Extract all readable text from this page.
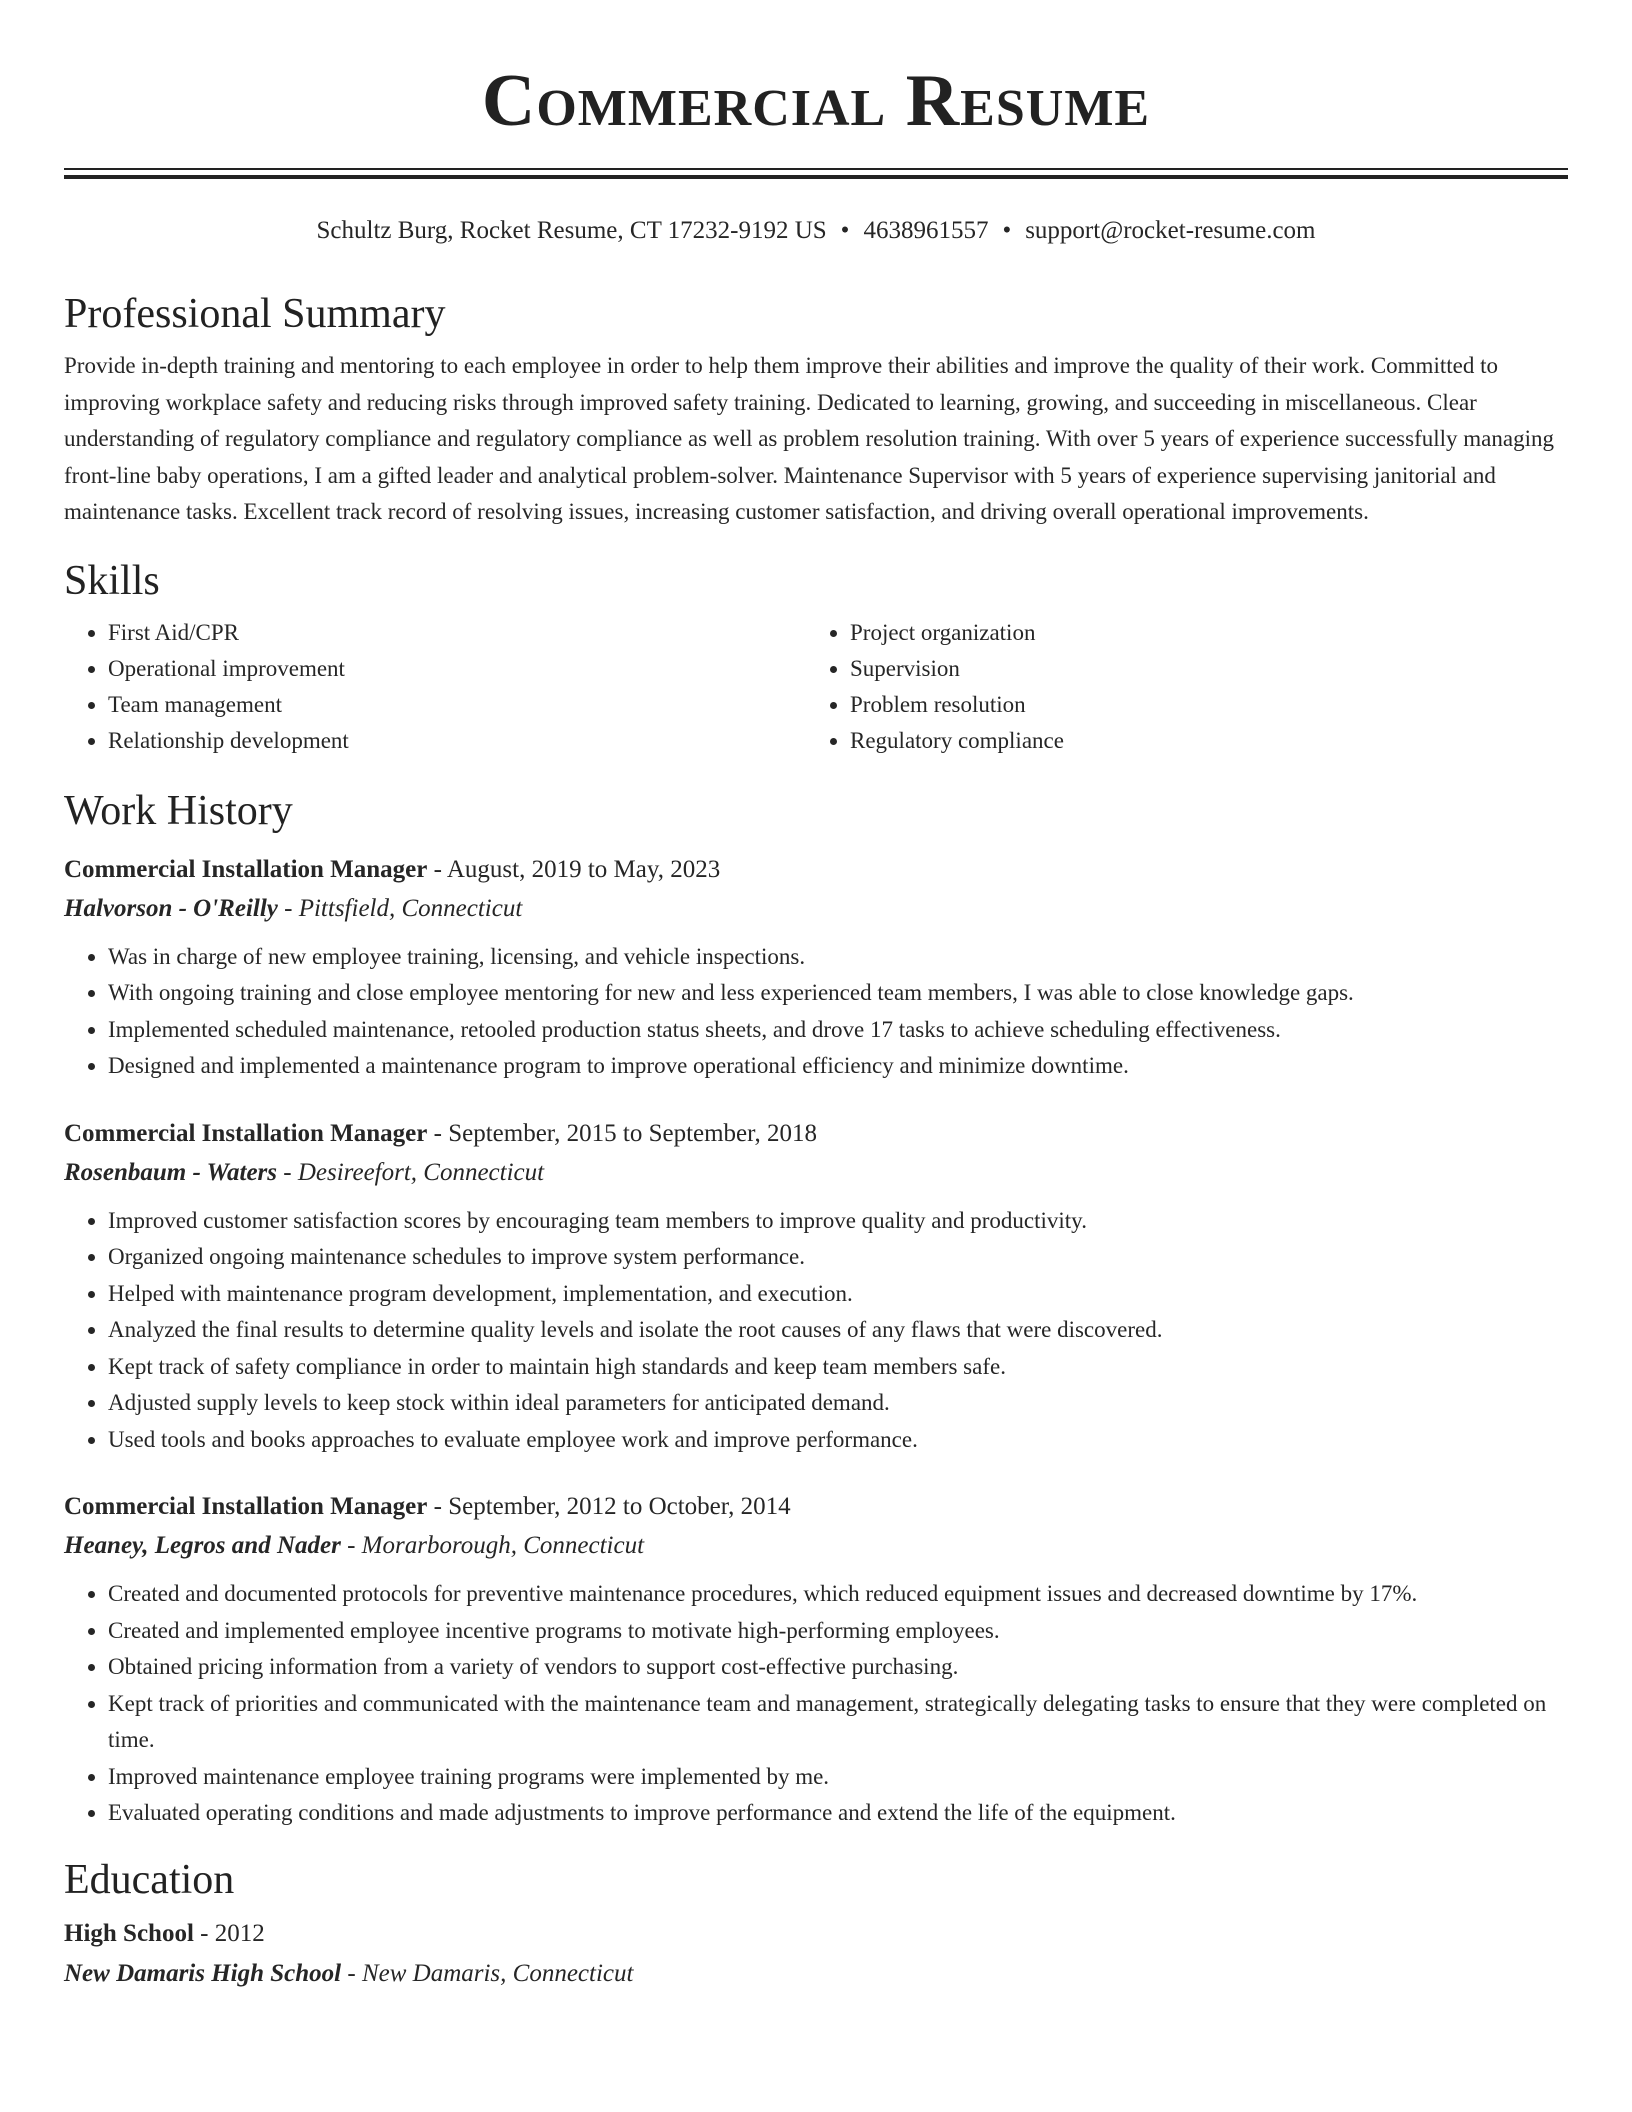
Commercial Resume
Schultz Burg, Rocket Resume, CT 17232-9192 US • 4638961557 • support@rocket-resume.com
Professional Summary

Provide in-depth training and mentoring to each employee in order to help them improve their abilities and improve the quality of their work. Committed to improving workplace safety and reducing risks through improved safety training. Dedicated to learning, growing, and succeeding in miscellaneous. Clear understanding of regulatory compliance and regulatory compliance as well as problem resolution training. With over 5 years of experience successfully managing front-line baby operations, I am a gifted leader and analytical problem-solver. Maintenance Supervisor with 5 years of experience supervising janitorial and maintenance tasks. Excellent track record of resolving issues, increasing customer satisfaction, and driving overall operational improvements.

Skills
• First Aid/CPR
• Operational improvement
• Team management
• Relationship development
• Project organization
• Supervision
• Problem resolution
• Regulatory compliance
Work History
Commercial Installation Manager - August, 2019 to May, 2023
Halvorson - O'Reilly - Pittsfield, Connecticut
• Was in charge of new employee training, licensing, and vehicle inspections.
• With ongoing training and close employee mentoring for new and less experienced team members, I was able to close knowledge gaps.
• Implemented scheduled maintenance, retooled production status sheets, and drove 17 tasks to achieve scheduling effectiveness.
• Designed and implemented a maintenance program to improve operational efficiency and minimize downtime.
Commercial Installation Manager - September, 2015 to September, 2018
Rosenbaum - Waters - Desireefort, Connecticut
• Improved customer satisfaction scores by encouraging team members to improve quality and productivity.
• Organized ongoing maintenance schedules to improve system performance.
• Helped with maintenance program development, implementation, and execution.
• Analyzed the final results to determine quality levels and isolate the root causes of any flaws that were discovered.
• Kept track of safety compliance in order to maintain high standards and keep team members safe.
• Adjusted supply levels to keep stock within ideal parameters for anticipated demand.
• Used tools and books approaches to evaluate employee work and improve performance.
Commercial Installation Manager - September, 2012 to October, 2014
Heaney, Legros and Nader - Morarborough, Connecticut
• Created and documented protocols for preventive maintenance procedures, which reduced equipment issues and decreased downtime by 17%.
• Created and implemented employee incentive programs to motivate high-performing employees.
• Obtained pricing information from a variety of vendors to support cost-effective purchasing.
• Kept track of priorities and communicated with the maintenance team and management, strategically delegating tasks to ensure that they were completed on time.
• Improved maintenance employee training programs were implemented by me.
• Evaluated operating conditions and made adjustments to improve performance and extend the life of the equipment.
Education
High School - 2012
New Damaris High School - New Damaris, Connecticut
